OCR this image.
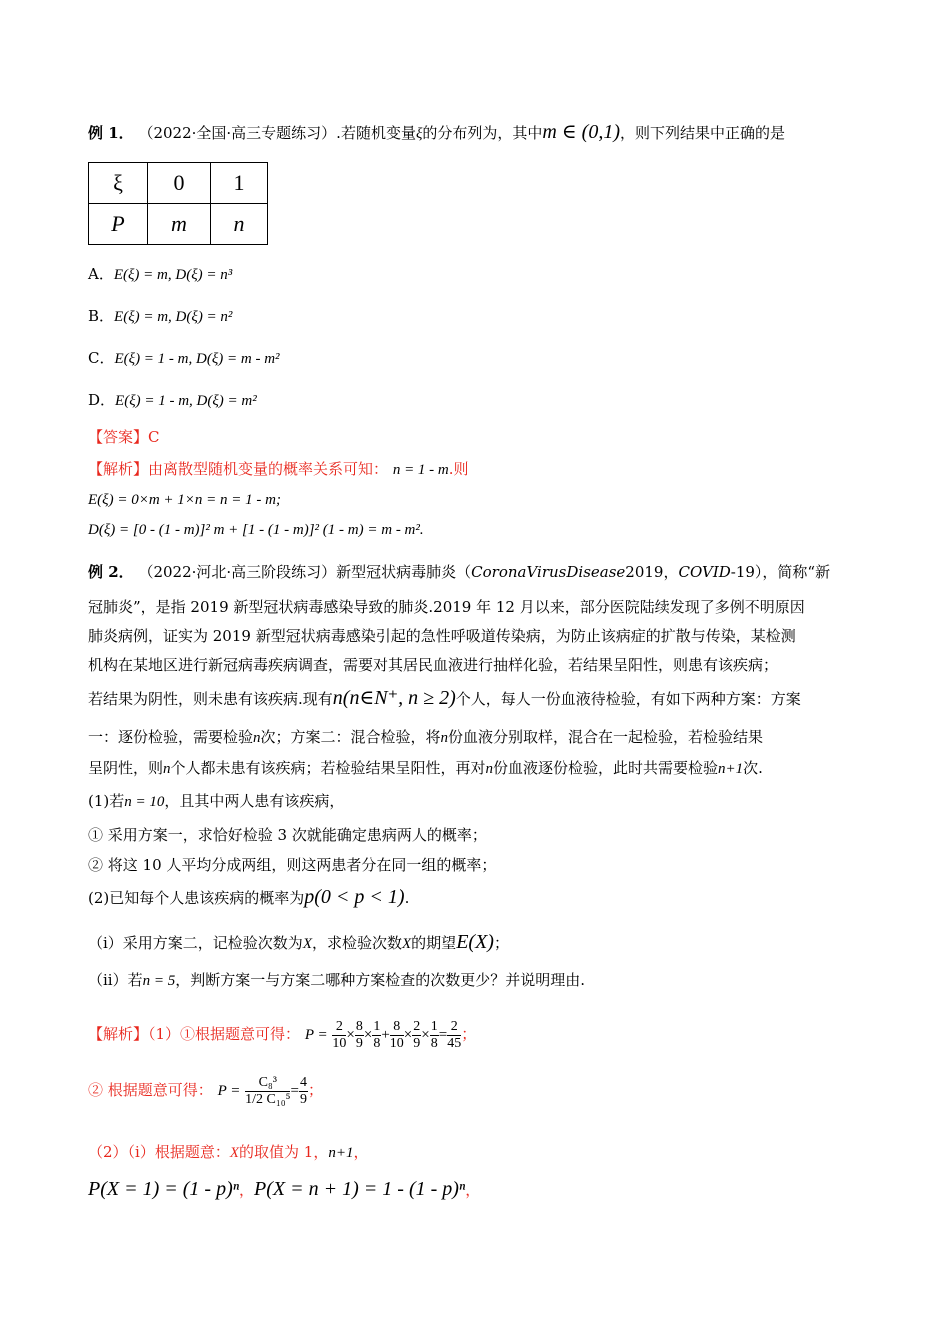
例 1． （2022·全国·高三专题练习）.若随机变量ξ的分布列为，其中m ∈ (0,1)，则下列结果中正确的是
ξ	0	1
P	m	n
A．E(ξ) = m, D(ξ) = n³
B．E(ξ) = m, D(ξ) = n²
C．E(ξ) = 1 - m, D(ξ) = m - m²
D．E(ξ) = 1 - m, D(ξ) = m²
【答案】C
【解析】由离散型随机变量的概率关系可知： n = 1 - m.则
E(ξ) = 0×m + 1×n = n = 1 - m;
D(ξ) = [0 - (1 - m)]² m + [1 - (1 - m)]² (1 - m) = m - m².
例 2． （2022·河北·高三阶段练习）新型冠状病毒肺炎（CoronaVirusDisease2019，COVID-19），简称“新
冠肺炎”，是指 2019 新型冠状病毒感染导致的肺炎.2019 年 12 月以来，部分医院陆续发现了多例不明原因
肺炎病例，证实为 2019 新型冠状病毒感染引起的急性呼吸道传染病，为防止该病症的扩散与传染，某检测
机构在某地区进行新冠病毒疾病调查，需要对其居民血液进行抽样化验，若结果呈阳性，则患有该疾病；
若结果为阴性，则未患有该疾病.现有n(n∈N⁺, n ≥ 2)个人，每人一份血液待检验，有如下两种方案：方案
一：逐份检验，需要检验n次；方案二：混合检验，将n份血液分别取样，混合在一起检验，若检验结果
呈阴性，则n个人都未患有该疾病；若检验结果呈阳性，再对n份血液逐份检验，此时共需要检验n+1次.
(1)若n = 10，且其中两人患有该疾病，
① 采用方案一，求恰好检验 3 次就能确定患病两人的概率；
② 将这 10 人平均分成两组，则这两患者分在同一组的概率；
(2)已知每个人患该疾病的概率为p(0 < p < 1).
（i）采用方案二，记检验次数为X，求检验次数X的期望E(X)；
（ii）若n = 5，判断方案一与方案二哪种方案检查的次数更少？并说明理由.
【解析】（1）①根据题意可得： $P = \frac{2}{10} \times \frac{8}{9} \times \frac{1}{8} + \frac{8}{10} \times \frac{2}{9} \times \frac{1}{8} = \frac{2}{45}$ ；
② 根据题意可得： $P = \frac{\text{C₈³}}{\text{1/2 C₁₀⁵}} = \frac{4}{9}$ ；
（2）（i）根据题意：X的取值为 1，n+1，
P(X = 1) = (1 - p)ⁿ，P(X = n + 1) = 1 - (1 - p)ⁿ，
